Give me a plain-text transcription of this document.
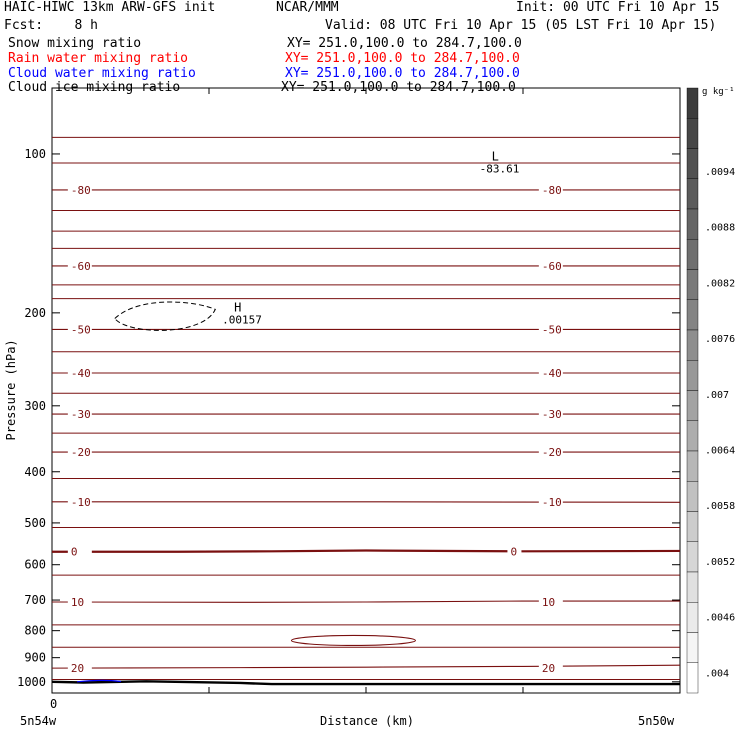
HAIC-HIWC 13km ARW-GFS init	NCAR/MMM	Init: 00 UTC Fri 10 Apr 15
Fcst:    8 h	Valid: 08 UTC Fri 10 Apr 15 (05 LST Fri 10 Apr 15)
Snow mixing ratio	XY= 251.0,100.0 to 284.7,100.0
Rain water mixing ratio	XY= 251.0,100.0 to 284.7,100.0
Cloud water mixing ratio	XY= 251.0,100.0 to 284.7,100.0
Cloud ice mixing ratio	XY= 251.0,100.0 to 284.7,100.0
100
200
300
400
500
600
700
800
900
1000
0
5n54w	5n50w
Distance (km)
Pressure (hPa)
-80	-80
-60	-60
-50	-50
-40	-40
-30	-30
-20	-20
-10	-10
0	0
10	10
20	20
L
-83.61
H
.00157
g kg⁻¹
.0094
.0088
.0082
.0076
.007
.0064
.0058
.0052
.0046
.004
